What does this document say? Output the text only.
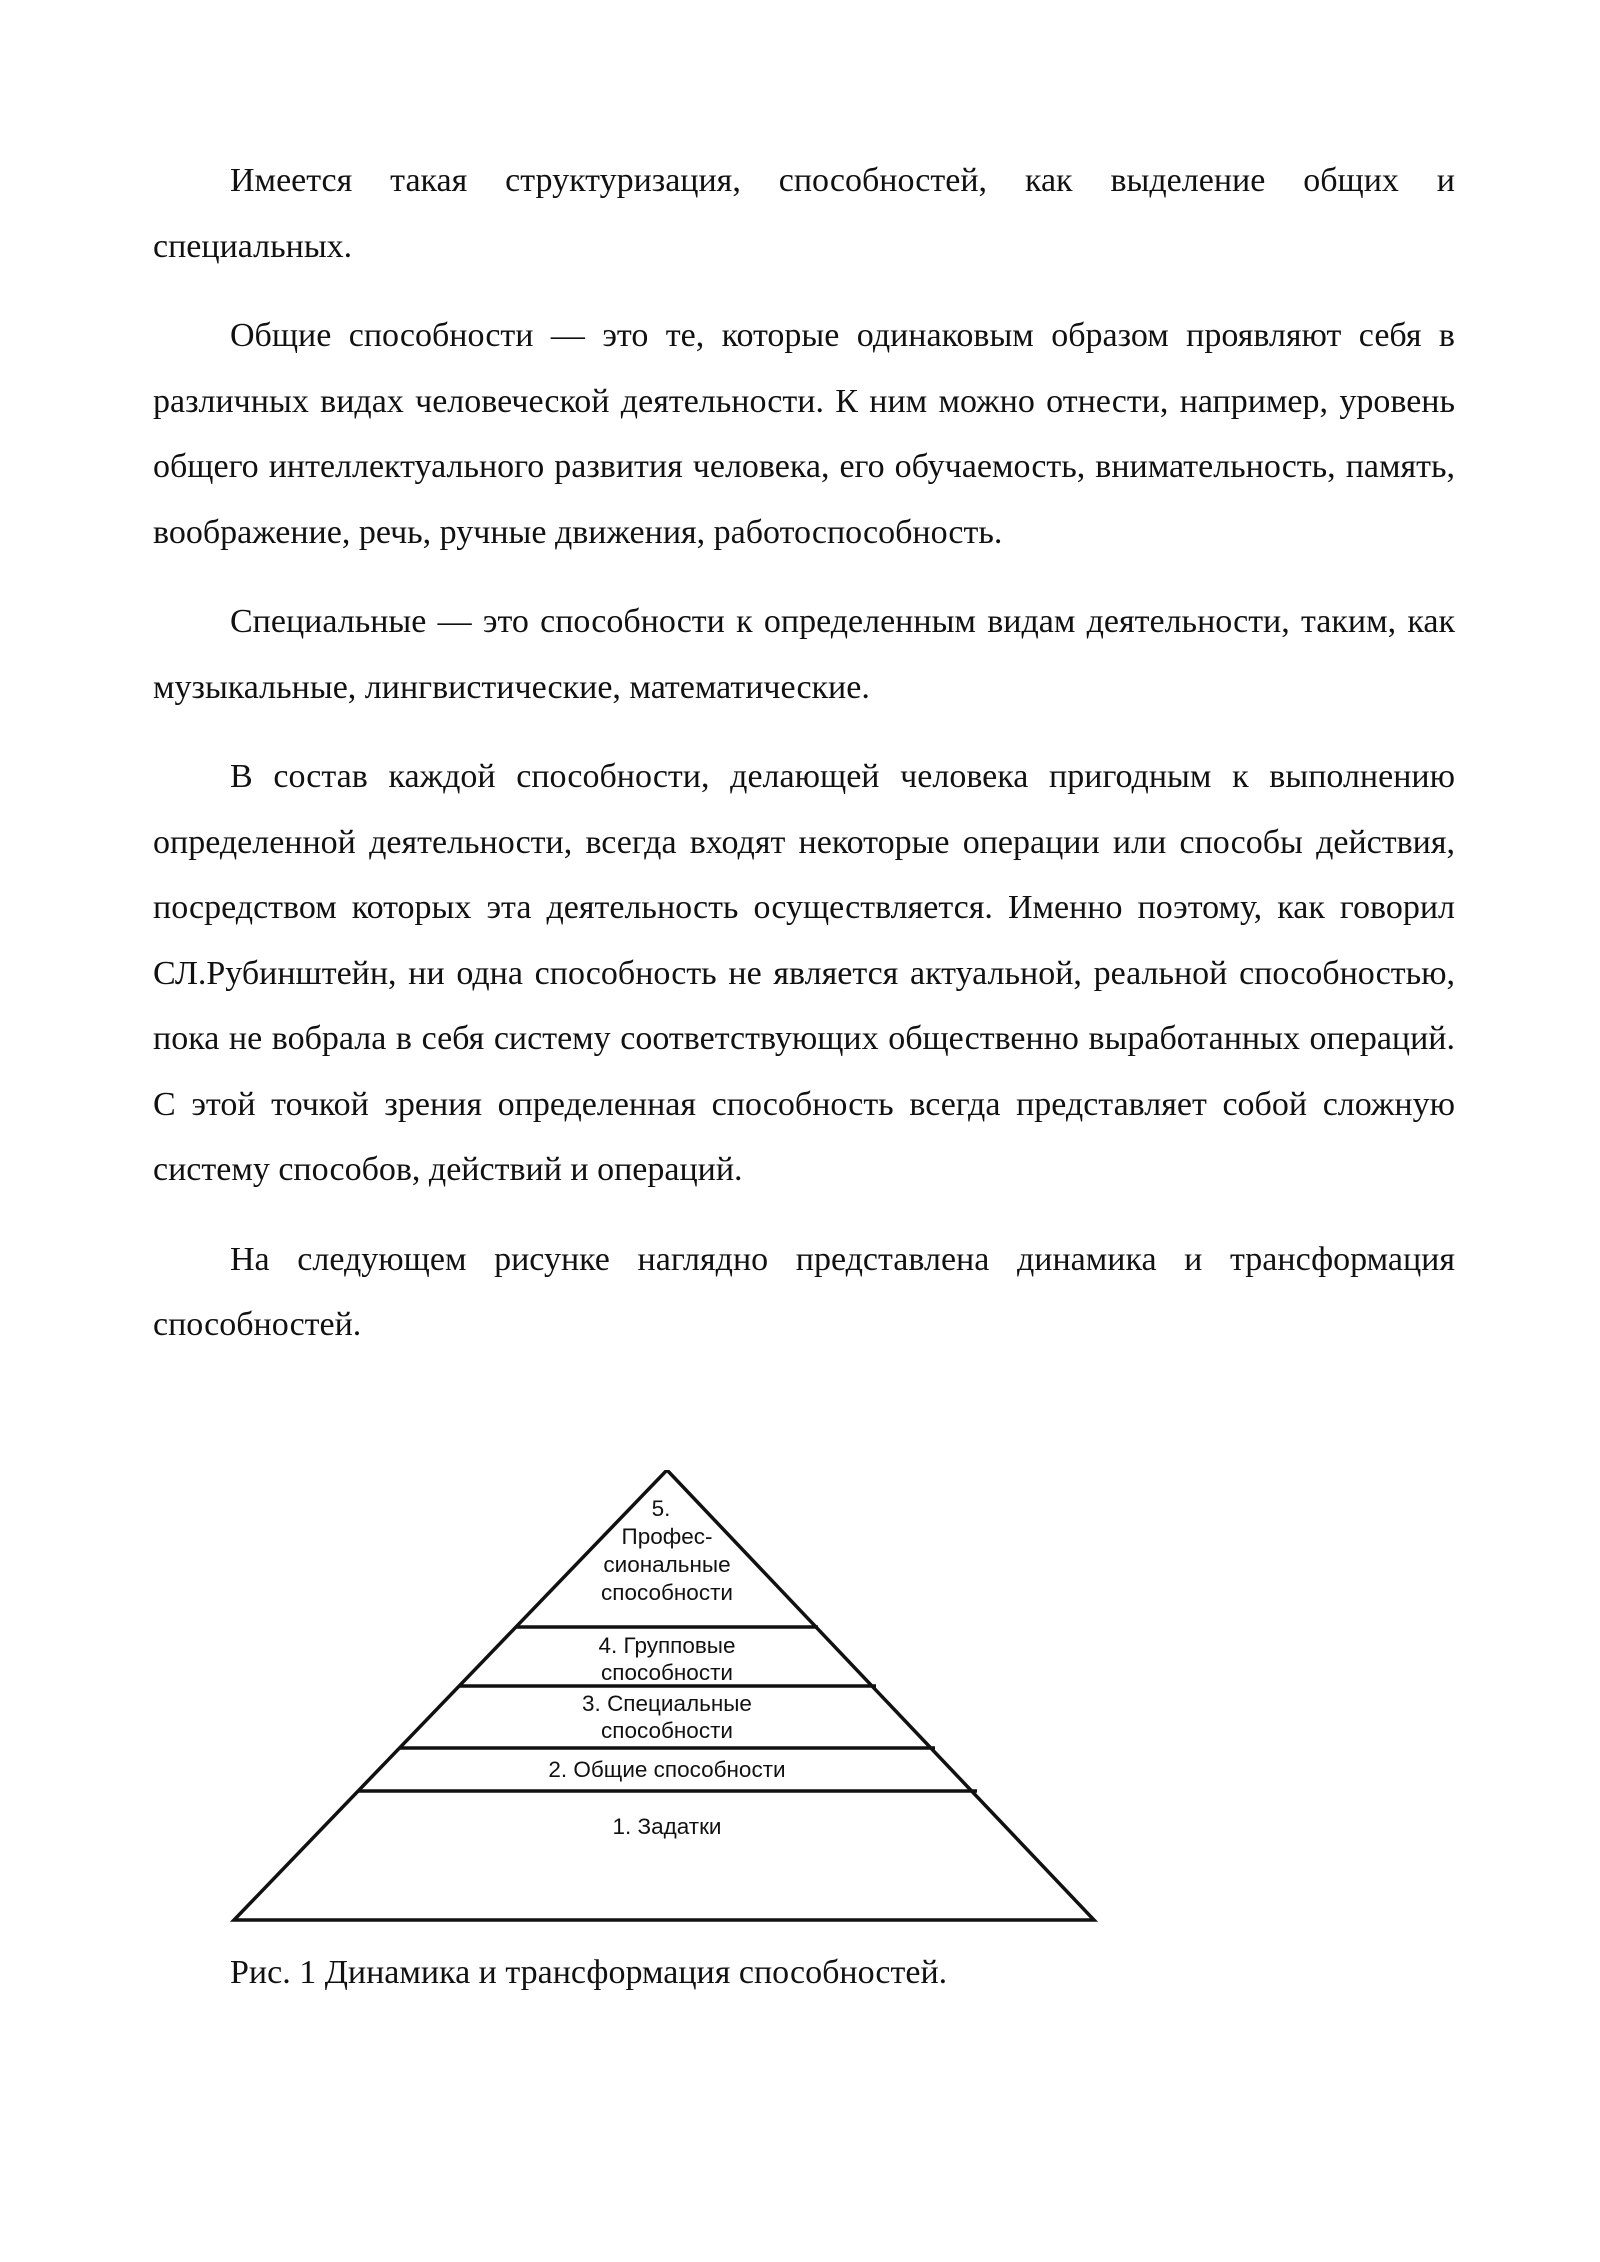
Имеется такая структуризация, способностей, как выделение общих и специальных.

Общие способности — это те, которые одинаковым образом проявляют себя в различных видах человеческой деятельности. К ним можно отнести, например, уровень общего интеллектуального развития человека, его обучаемость, внимательность, память, воображение, речь, ручные движения, работоспособность.

Специальные — это способности к определенным видам деятельности, таким, как музыкальные, лингвистические, математические.

В состав каждой способности, делающей человека пригодным к выполнению определенной деятельности, всегда входят некоторые операции или способы действия, посредством которых эта деятельность осуществляется. Именно поэтому, как говорил СЛ.Рубинштейн, ни одна способность не является актуальной, реальной способностью, пока не вобрала в себя систему соответствующих общественно выработанных операций. С этой точкой зрения определенная способность всегда представляет собой сложную систему способов, действий и операций.

На следующем рисунке наглядно представлена динамика и трансформация способностей.

5.
Профес-
сиональные
способности
4. Групповые
способности
3. Специальные
способности
2. Общие способности
1. Задатки

Рис. 1 Динамика и трансформация способностей.
